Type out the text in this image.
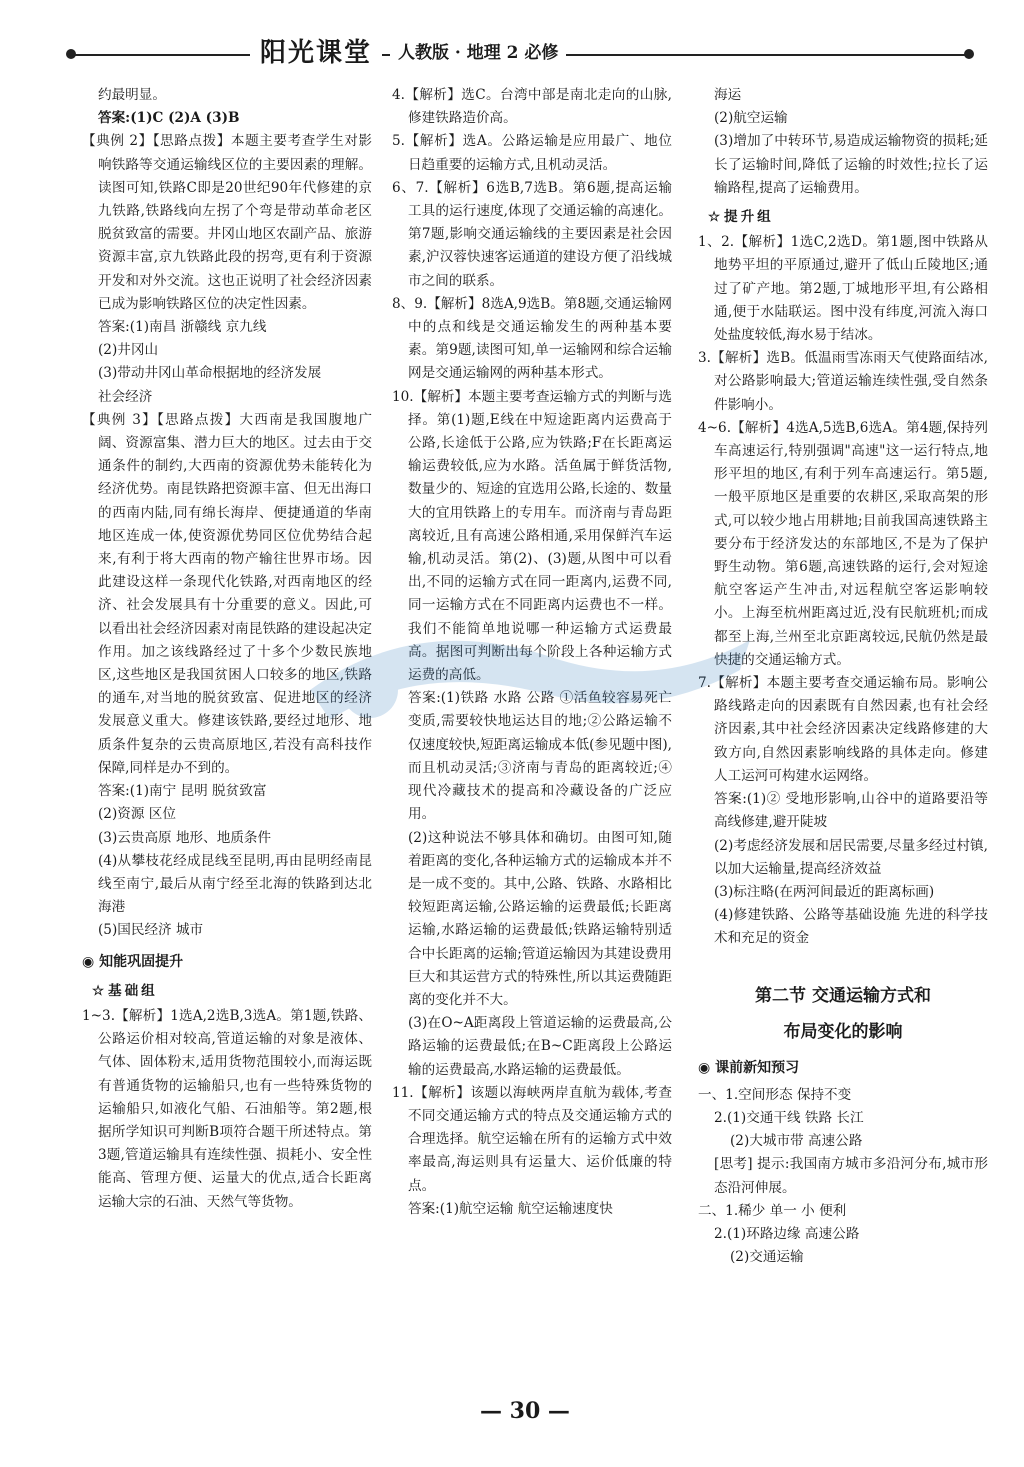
阳光课堂	人教版 · 地理 2 必修

约最明显。

答案:(1)C (2)A (3)B

【典例 2】【思路点拨】本题主要考查学生对影响铁路等交通运输线区位的主要因素的理解。读图可知,铁路C即是20世纪90年代修建的京九铁路,铁路线向左拐了个弯是带动革命老区脱贫致富的需要。井冈山地区农副产品、旅游资源丰富,京九铁路此段的拐弯,更有利于资源开发和对外交流。这也正说明了社会经济因素已成为影响铁路区位的决定性因素。

答案:(1)南昌 浙赣线 京九线

(2)井冈山

(3)带动井冈山革命根据地的经济发展

社会经济

【典例 3】【思路点拨】大西南是我国腹地广阔、资源富集、潜力巨大的地区。过去由于交通条件的制约,大西南的资源优势未能转化为经济优势。南昆铁路把资源丰富、但无出海口的西南内陆,同有绵长海岸、便捷通道的华南地区连成一体,使资源优势同区位优势结合起来,有利于将大西南的物产输往世界市场。因此建设这样一条现代化铁路,对西南地区的经济、社会发展具有十分重要的意义。因此,可以看出社会经济因素对南昆铁路的建设起决定作用。加之该线路经过了十多个少数民族地区,这些地区是我国贫困人口较多的地区,铁路的通车,对当地的脱贫致富、促进地区的经济发展意义重大。修建该铁路,要经过地形、地质条件复杂的云贵高原地区,若没有高科技作保障,同样是办不到的。

答案:(1)南宁 昆明 脱贫致富

(2)资源 区位

(3)云贵高原 地形、地质条件

(4)从攀枝花经成昆线至昆明,再由昆明经南昆线至南宁,最后从南宁经至北海的铁路到达北海港

(5)国民经济 城市

◉ 知能巩固提升
☆基础组

1~3.【解析】1选A,2选B,3选A。第1题,铁路、公路运价相对较高,管道运输的对象是液体、气体、固体粉末,适用货物范围较小,而海运既有普通货物的运输船只,也有一些特殊货物的运输船只,如液化气船、石油船等。第2题,根据所学知识可判断B项符合题干所述特点。第3题,管道运输具有连续性强、损耗小、安全性能高、管理方便、运量大的优点,适合长距离运输大宗的石油、天然气等货物。

4.【解析】选C。台湾中部是南北走向的山脉,修建铁路造价高。

5.【解析】选A。公路运输是应用最广、地位日趋重要的运输方式,且机动灵活。

6、7.【解析】6选B,7选B。第6题,提高运输工具的运行速度,体现了交通运输的高速化。第7题,影响交通运输线的主要因素是社会因素,沪汉蓉快速客运通道的建设方便了沿线城市之间的联系。

8、9.【解析】8选A,9选B。第8题,交通运输网中的点和线是交通运输发生的两种基本要素。第9题,读图可知,单一运输网和综合运输网是交通运输网的两种基本形式。

10.【解析】本题主要考查运输方式的判断与选择。第(1)题,E线在中短途距离内运费高于公路,长途低于公路,应为铁路;F在长距离运输运费较低,应为水路。活鱼属于鲜货活物,数量少的、短途的宜选用公路,长途的、数量大的宜用铁路上的专用车。而济南与青岛距离较近,且有高速公路相通,采用保鲜汽车运输,机动灵活。第(2)、(3)题,从图中可以看出,不同的运输方式在同一距离内,运费不同,同一运输方式在不同距离内运费也不一样。我们不能简单地说哪一种运输方式运费最高。据图可判断出每个阶段上各种运输方式运费的高低。

答案:(1)铁路 水路 公路 ①活鱼较容易死亡变质,需要较快地运达目的地;②公路运输不仅速度较快,短距离运输成本低(参见题中图),而且机动灵活;③济南与青岛的距离较近;④现代冷藏技术的提高和冷藏设备的广泛应用。

(2)这种说法不够具体和确切。由图可知,随着距离的变化,各种运输方式的运输成本并不是一成不变的。其中,公路、铁路、水路相比较短距离运输,公路运输的运费最低;长距离运输,水路运输的运费最低;铁路运输特别适合中长距离的运输;管道运输因为其建设费用巨大和其运营方式的特殊性,所以其运费随距离的变化并不大。

(3)在O~A距离段上管道运输的运费最高,公路运输的运费最低;在B~C距离段上公路运输的运费最高,水路运输的运费最低。

11.【解析】该题以海峡两岸直航为载体,考查不同交通运输方式的特点及交通运输方式的合理选择。航空运输在所有的运输方式中效率最高,海运则具有运量大、运价低廉的特点。

答案:(1)航空运输 航空运输速度快

海运

(2)航空运输

(3)增加了中转环节,易造成运输物资的损耗;延长了运输时间,降低了运输的时效性;拉长了运输路程,提高了运输费用。

☆提升组

1、2.【解析】1选C,2选D。第1题,图中铁路从地势平坦的平原通过,避开了低山丘陵地区;通过了矿产地。第2题,丁城地形平坦,有公路相通,便于水陆联运。图中没有纬度,河流入海口处盐度较低,海水易于结冰。

3.【解析】选B。低温雨雪冻雨天气使路面结冰,对公路影响最大;管道运输连续性强,受自然条件影响小。

4~6.【解析】4选A,5选B,6选A。第4题,保持列车高速运行,特别强调"高速"这一运行特点,地形平坦的地区,有利于列车高速运行。第5题,一般平原地区是重要的农耕区,采取高架的形式,可以较少地占用耕地;目前我国高速铁路主要分布于经济发达的东部地区,不是为了保护野生动物。第6题,高速铁路的运行,会对短途航空客运产生冲击,对远程航空客运影响较小。上海至杭州距离过近,没有民航班机;而成都至上海,兰州至北京距离较远,民航仍然是最快捷的交通运输方式。

7.【解析】本题主要考查交通运输布局。影响公路线路走向的因素既有自然因素,也有社会经济因素,其中社会经济因素决定线路修建的大致方向,自然因素影响线路的具体走向。修建人工运河可构建水运网络。

答案:(1)② 受地形影响,山谷中的道路要沿等高线修建,避开陡坡

(2)考虑经济发展和居民需要,尽量多经过村镇,以加大运输量,提高经济效益

(3)标注略(在两河间最近的距离标画)

(4)修建铁路、公路等基础设施 先进的科学技术和充足的资金

第二节 交通运输方式和
布局变化的影响
◉ 课前新知预习

一、1.空间形态 保持不变

2.(1)交通干线 铁路 长江

(2)大城市带 高速公路

[思考] 提示:我国南方城市多沿河分布,城市形态沿河伸展。

二、1.稀少 单一 小 便利

2.(1)环路边缘 高速公路

(2)交通运输

— 30 —
